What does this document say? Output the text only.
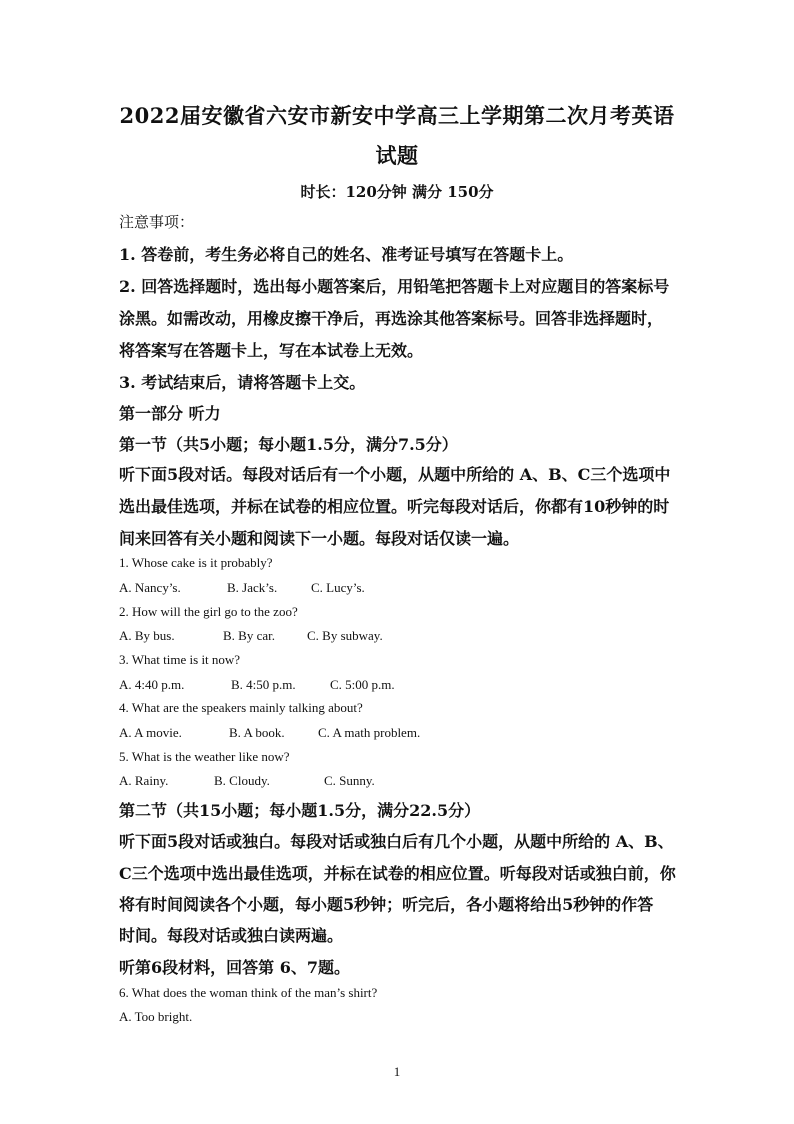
2022届安徽省六安市新安中学高三上学期第二次月考英语
试题
时长：120分钟 满分 150分
注意事项：
1. 答卷前，考生务必将自己的姓名、准考证号填写在答题卡上。
2. 回答选择题时，选出每小题答案后，用铅笔把答题卡上对应题目的答案标号
涂黑。如需改动，用橡皮擦干净后，再选涂其他答案标号。回答非选择题时，
将答案写在答题卡上，写在本试卷上无效。
3. 考试结束后，请将答题卡上交。
第一部分 听力
第一节（共5小题；每小题1.5分，满分7.5分）
听下面5段对话。每段对话后有一个小题，从题中所给的 A、B、C三个选项中
选出最佳选项，并标在试卷的相应位置。听完每段对话后，你都有10秒钟的时
间来回答有关小题和阅读下一小题。每段对话仅读一遍。
1. Whose cake is it probably?
A. Nancy’s.	B. Jack’s.	C. Lucy’s.
2. How will the girl go to the zoo?
A. By bus.	B. By car. C. By subway.
3. What time is it now?
A. 4:40 p.m.	B. 4:50 p.m.	C. 5:00 p.m.
4. What are the speakers mainly talking about?
A. A movie.	B. A book.	C. A math problem.
5. What is the weather like now?
A. Rainy.	B. Cloudy.	C. Sunny.
第二节（共15小题；每小题1.5分，满分22.5分）
听下面5段对话或独白。每段对话或独白后有几个小题，从题中所给的 A、B、
C三个选项中选出最佳选项，并标在试卷的相应位置。听每段对话或独白前，你
将有时间阅读各个小题，每小题5秒钟；听完后，各小题将给出5秒钟的作答
时间。每段对话或独白读两遍。
听第6段材料，回答第 6、7题。
6. What does the woman think of the man’s shirt?
A. Too bright.
1
